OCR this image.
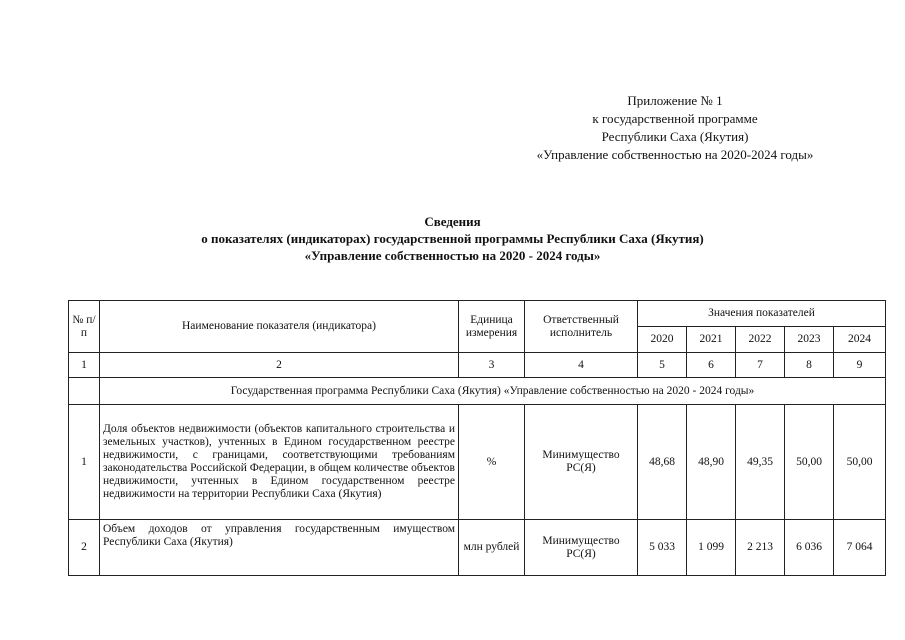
Приложение № 1
к государственной программе
Республики Саха (Якутия)
«Управление собственностью на 2020-2024 годы»
Сведения
о показателях (индикаторах) государственной программы Республики Саха (Якутия)
«Управление собственностью на 2020 - 2024 годы»
№ п/п	Наименование показателя (индикатора)	Единица измерения	Ответственный исполнитель	Значения показателей				
				2020	2021	2022	2023	2024
1	2	3	4	5	6	7	8	9
	Государственная программа Республики Саха (Якутия) «Управление собственностью на 2020 - 2024 годы»							
1	Доля объектов недвижимости (объектов капитального строительства и земельных участков), учтенных в Едином государственном реестре недвижимости, с границами, соответствующими требованиям законодательства Российской Федерации, в общем количестве объектов недвижимости, учтенных в Едином государственном реестре недвижимости на территории Республики Саха (Якутия)	%	Минимущество РС(Я)	48,68	48,90	49,35	50,00	50,00
2	Объем доходов от управления государственным имуществом Республики Саха (Якутия)	млн рублей	Минимущество РС(Я)	5 033	1 099	2 213	6 036	7 064
